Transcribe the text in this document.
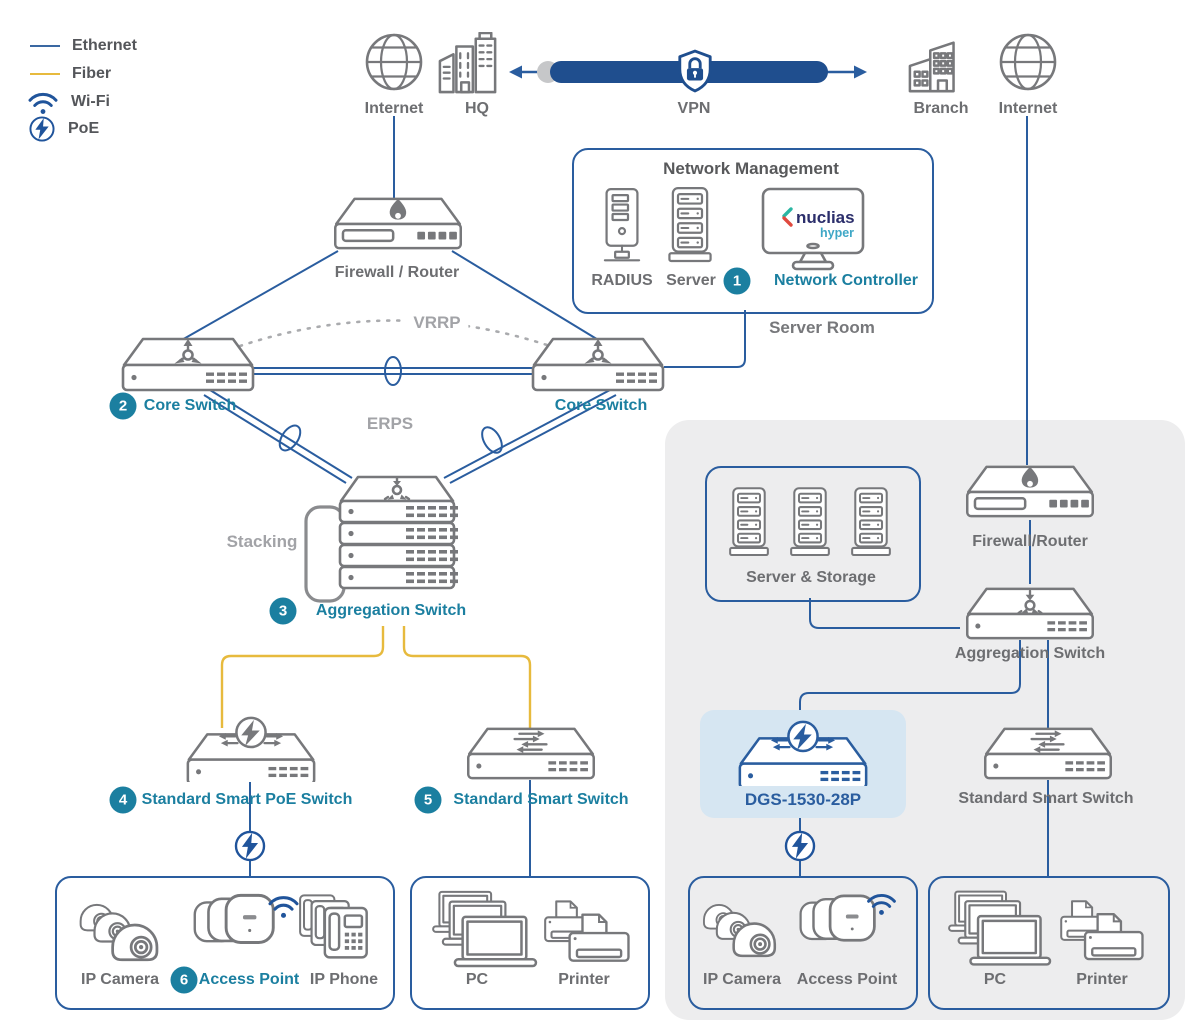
Ethernet
Fiber
Wi-Fi
PoE
Internet	HQ	VPN	Branch Internet
Network Management
nuclias
hyper
RADIUS Server	1	Network Controller
Server Room
Firewall / Router
VRRP
2	Core Switch	Core Switch
ERPS
Stacking
3	Aggregation Switch
4 Standard Smart PoE Switch	5	Standard Smart Switch
IP Camera	6 Access Point IP Phone	PC	Printer
Server & Storage
Firewall/Router
Aggregation Switch
DGS-1530-28P	Standard Smart Switch
IP Camera Access Point	PC	Printer
